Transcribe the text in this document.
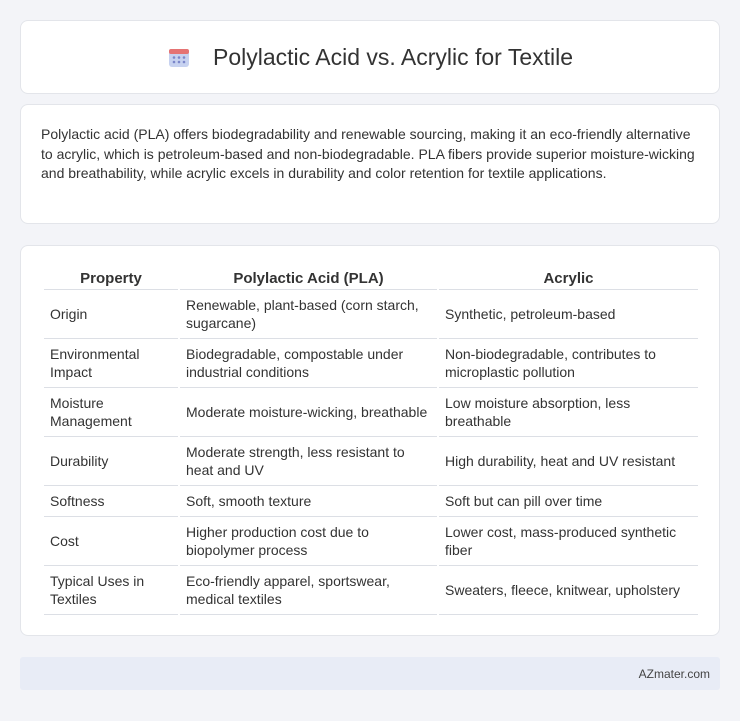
Polylactic Acid vs. Acrylic for Textile

Polylactic acid (PLA) offers biodegradability and renewable sourcing, making it an eco-friendly alternative to acrylic, which is petroleum-based and non-biodegradable. PLA fibers provide superior moisture-wicking and breathability, while acrylic excels in durability and color retention for textile applications.

Property	Polylactic Acid (PLA)	Acrylic
Origin	Renewable, plant-based (corn starch, sugarcane)	Synthetic, petroleum-based
Environmental Impact	Biodegradable, compostable under industrial conditions	Non-biodegradable, contributes to microplastic pollution
Moisture Management	Moderate moisture-wicking, breathable	Low moisture absorption, less breathable
Durability	Moderate strength, less resistant to heat and UV	High durability, heat and UV resistant
Softness	Soft, smooth texture	Soft but can pill over time
Cost	Higher production cost due to biopolymer process	Lower cost, mass-produced synthetic fiber
Typical Uses in Textiles	Eco-friendly apparel, sportswear, medical textiles	Sweaters, fleece, knitwear, upholstery
AZmater.com
